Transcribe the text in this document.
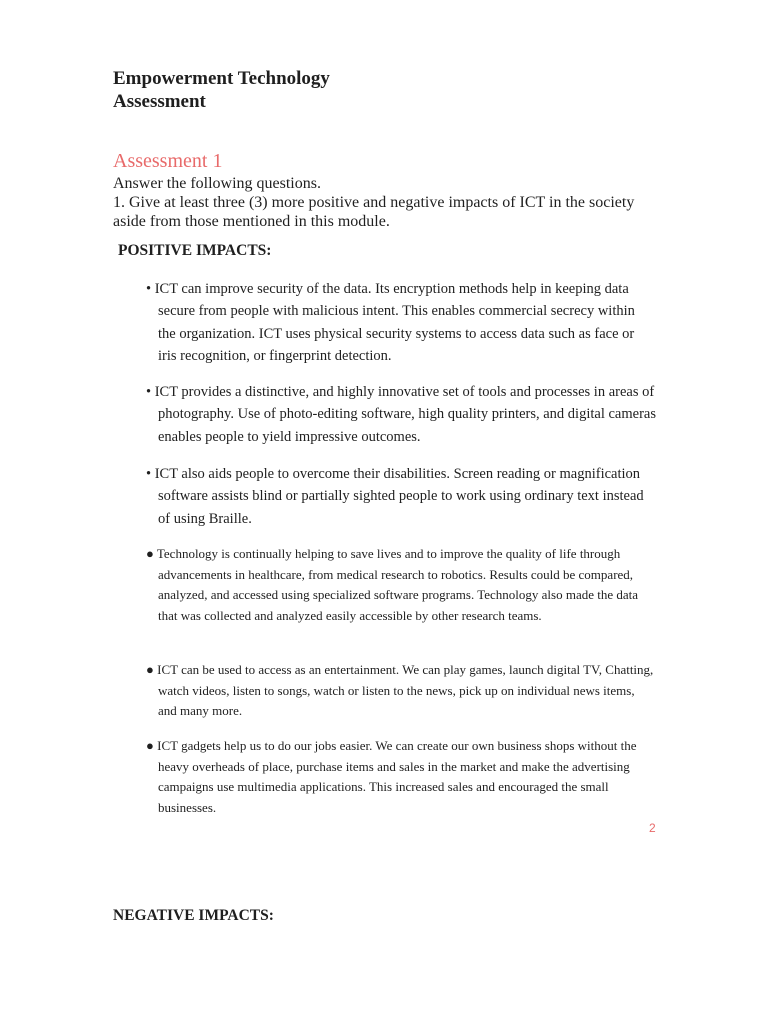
Empowerment Technology
Assessment
Assessment 1
Answer the following questions.
1. Give at least three (3) more positive and negative impacts of ICT in the society aside from those mentioned in this module.
POSITIVE IMPACTS:
• ICT can improve security of the data. Its encryption methods help in keeping data secure from people with malicious intent. This enables commercial secrecy within the organization. ICT uses physical security systems to access data such as face or iris recognition, or fingerprint detection.
• ICT provides a distinctive, and highly innovative set of tools and processes in areas of photography. Use of photo-editing software, high quality printers, and digital cameras enables people to yield impressive outcomes.
• ICT also aids people to overcome their disabilities. Screen reading or magnification software assists blind or partially sighted people to work using ordinary text instead of using Braille.
● Technology is continually helping to save lives and to improve the quality of life through advancements in healthcare, from medical research to robotics. Results could be compared, analyzed, and accessed using specialized software programs. Technology also made the data that was collected and analyzed easily accessible by other research teams.
● ICT can be used to access as an entertainment. We can play games, launch digital TV, Chatting, watch videos, listen to songs, watch or listen to the news, pick up on individual news items, and many more.
● ICT gadgets help us to do our jobs easier. We can create our own business shops without the heavy overheads of place, purchase items and sales in the market and make the advertising campaigns use multimedia applications. This increased sales and encouraged the small businesses.
2
NEGATIVE IMPACTS:
